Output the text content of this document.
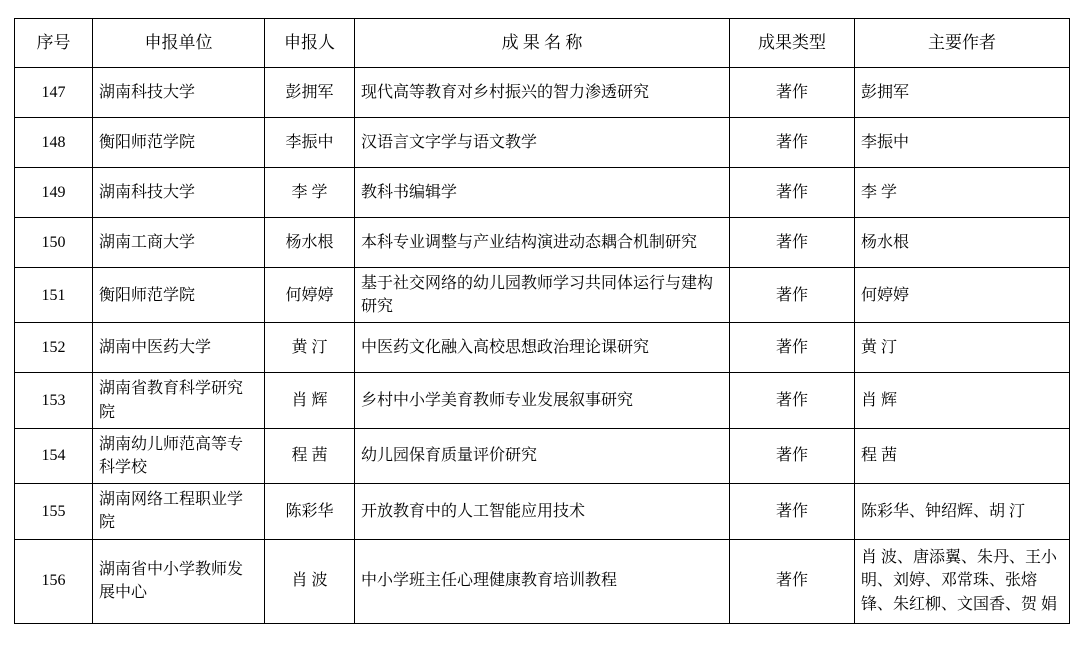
序号	申报单位	申报人	成 果 名 称	成果类型	主要作者
147	湖南科技大学	彭拥军	现代高等教育对乡村振兴的智力渗透研究	著作	彭拥军
148	衡阳师范学院	李振中	汉语言文字学与语文教学	著作	李振中
149	湖南科技大学	李 学	教科书编辑学	著作	李 学
150	湖南工商大学	杨水根	本科专业调整与产业结构演进动态耦合机制研究	著作	杨水根
151	衡阳师范学院	何婷婷	基于社交网络的幼儿园教师学习共同体运行与建构研究	著作	何婷婷
152	湖南中医药大学	黄 汀	中医药文化融入高校思想政治理论课研究	著作	黄 汀
153	湖南省教育科学研究院	肖 辉	乡村中小学美育教师专业发展叙事研究	著作	肖 辉
154	湖南幼儿师范高等专科学校	程 茜	幼儿园保育质量评价研究	著作	程 茜
155	湖南网络工程职业学院	陈彩华	开放教育中的人工智能应用技术	著作	陈彩华、钟绍辉、胡 汀
156	湖南省中小学教师发展中心	肖 波	中小学班主任心理健康教育培训教程	著作	肖 波、唐添翼、朱丹、王小明、刘婷、邓常珠、张熔锋、朱红柳、文国香、贺 娟
